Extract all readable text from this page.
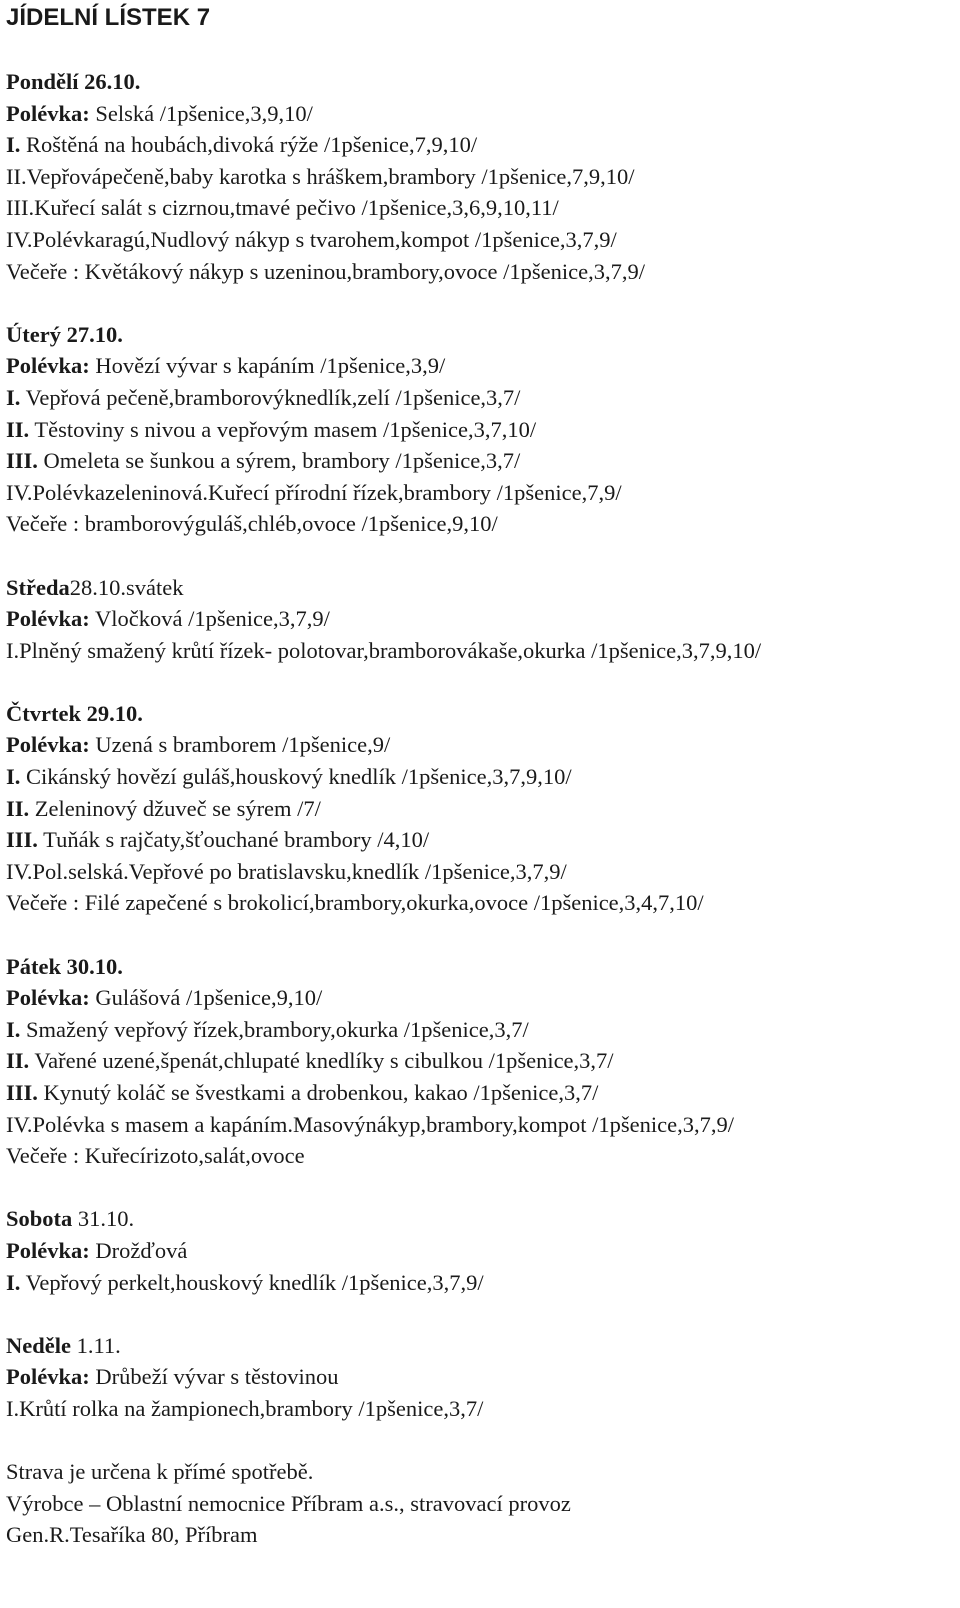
JÍDELNÍ LÍSTEK 7
Pondělí 26.10.
Polévka: Selská /1pšenice,3,9,10/
I. Roštěná na houbách,divoká rýže /1pšenice,7,9,10/
II.Vepřovápečeně,baby karotka s hráškem,brambory /1pšenice,7,9,10/
III.Kuřecí salát s cizrnou,tmavé pečivo /1pšenice,3,6,9,10,11/
IV.Polévkaragú,Nudlový nákyp s tvarohem,kompot /1pšenice,3,7,9/
Večeře : Květákový nákyp s uzeninou,brambory,ovoce /1pšenice,3,7,9/
Úterý 27.10.
Polévka: Hovězí vývar s kapáním /1pšenice,3,9/
I. Vepřová pečeně,bramborovýknedlík,zelí /1pšenice,3,7/
II. Těstoviny s nivou a vepřovým masem /1pšenice,3,7,10/
III. Omeleta se šunkou a sýrem, brambory /1pšenice,3,7/
IV.Polévkazeleninová.Kuřecí přírodní řízek,brambory /1pšenice,7,9/
Večeře : bramborovýguláš,chléb,ovoce /1pšenice,9,10/
Středa28.10.svátek
Polévka: Vločková /1pšenice,3,7,9/
I.Plněný smažený krůtí řízek- polotovar,bramborovákaše,okurka /1pšenice,3,7,9,10/
Čtvrtek 29.10.
Polévka: Uzená s bramborem /1pšenice,9/
I. Cikánský hovězí guláš,houskový knedlík /1pšenice,3,7,9,10/
II. Zeleninový džuveč se sýrem /7/
III. Tuňák s rajčaty,šťouchané brambory /4,10/
IV.Pol.selská.Vepřové po bratislavsku,knedlík /1pšenice,3,7,9/
Večeře : Filé zapečené s brokolicí,brambory,okurka,ovoce /1pšenice,3,4,7,10/
Pátek 30.10.
Polévka: Gulášová /1pšenice,9,10/
I. Smažený vepřový řízek,brambory,okurka /1pšenice,3,7/
II. Vařené uzené,špenát,chlupaté knedlíky s cibulkou /1pšenice,3,7/
III. Kynutý koláč se švestkami a drobenkou, kakao /1pšenice,3,7/
IV.Polévka s masem a kapáním.Masovýnákyp,brambory,kompot /1pšenice,3,7,9/
Večeře : Kuřecírizoto,salát,ovoce
Sobota 31.10.
Polévka: Drožďová
I. Vepřový perkelt,houskový knedlík /1pšenice,3,7,9/
Neděle 1.11.
Polévka: Drůbeží vývar s těstovinou
I.Krůtí rolka na žampionech,brambory /1pšenice,3,7/
Strava je určena k přímé spotřebě.
Výrobce – Oblastní nemocnice Příbram a.s., stravovací provoz
Gen.R.Tesaříka 80, Příbram
